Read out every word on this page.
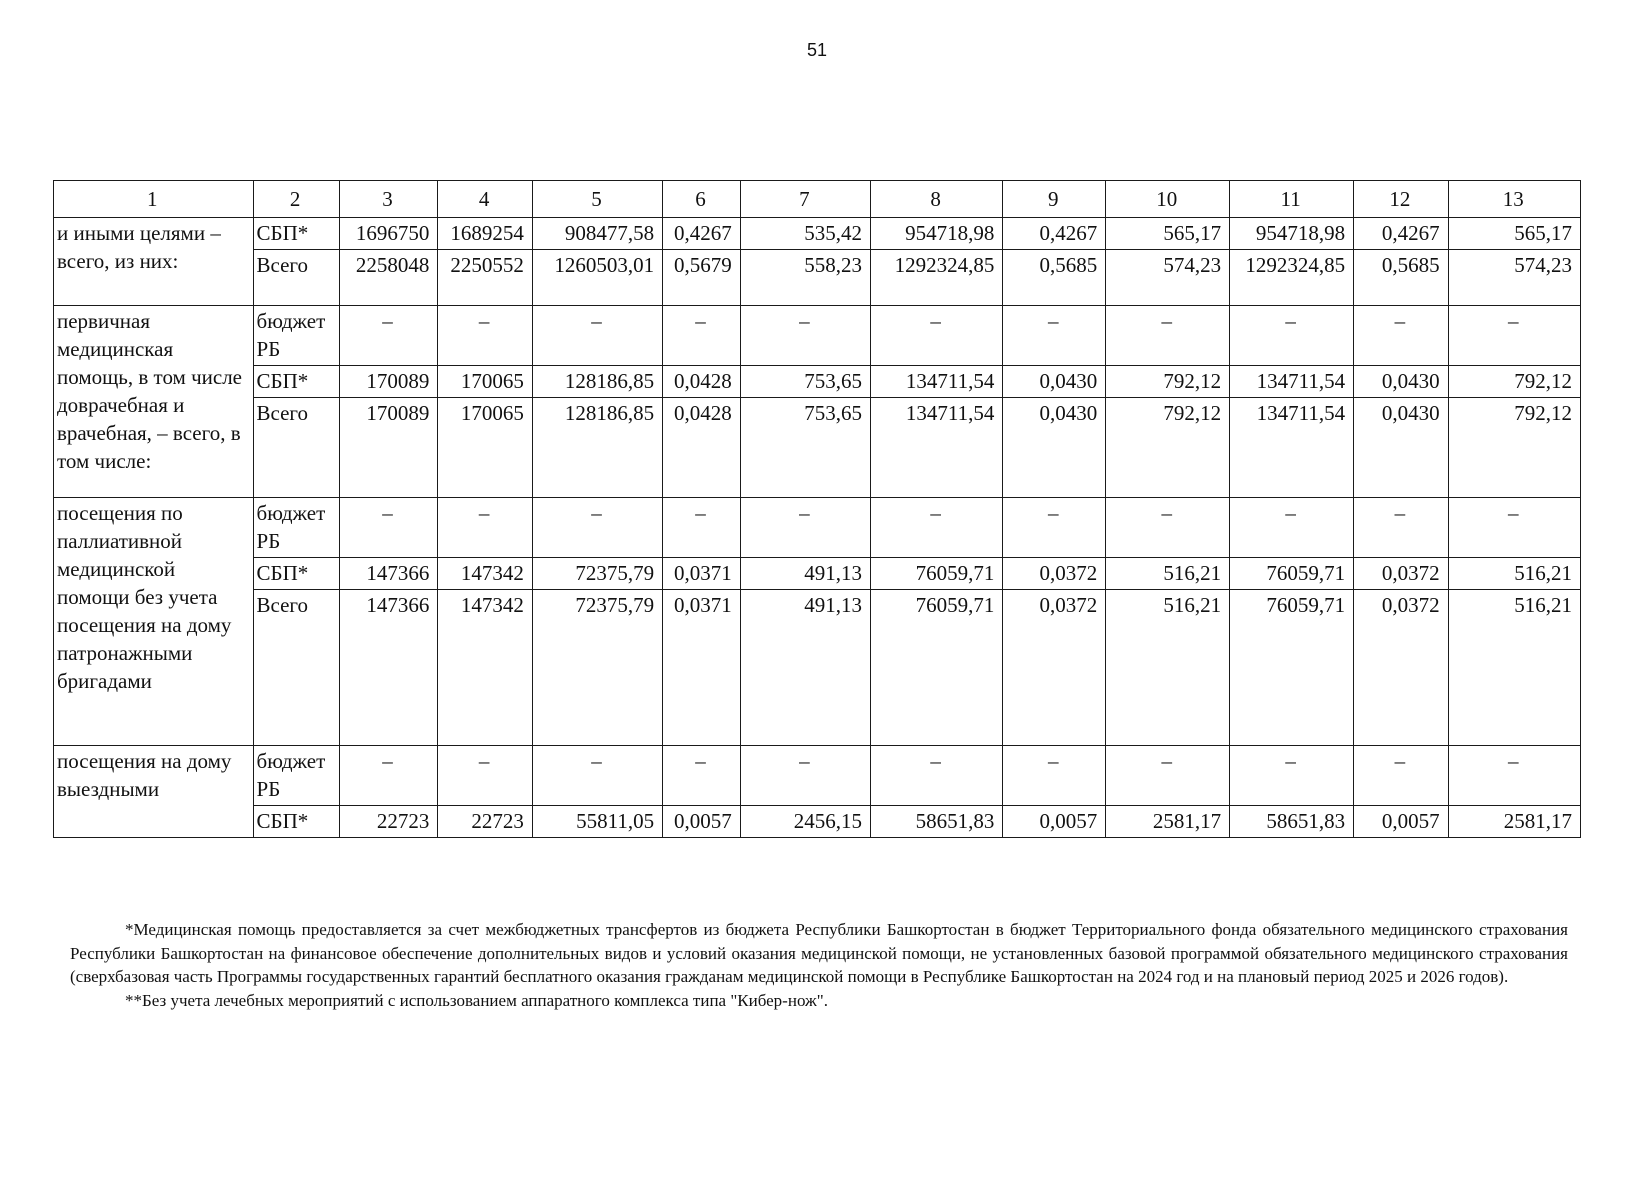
51
1	2	3	4	5	6	7	8	9	10	11	12	13
и иными целями – всего, из них:	СБП*	1696750	1689254	908477,58	0,4267	535,42	954718,98	0,4267	565,17	954718,98	0,4267	565,17
	Всего	2258048	2250552	1260503,01	0,5679	558,23	1292324,85	0,5685	574,23	1292324,85	0,5685	574,23
первичная медицинская помощь, в том числе доврачебная и врачебная, – всего, в том числе:	бюджет РБ	–	–	–	–	–	–	–	–	–	–	–
	СБП*	170089	170065	128186,85	0,0428	753,65	134711,54	0,0430	792,12	134711,54	0,0430	792,12
	Всего	170089	170065	128186,85	0,0428	753,65	134711,54	0,0430	792,12	134711,54	0,0430	792,12
посещения по паллиативной медицинской помощи без учета посещения на дому патронажными бригадами	бюджет РБ	–	–	–	–	–	–	–	–	–	–	–
	СБП*	147366	147342	72375,79	0,0371	491,13	76059,71	0,0372	516,21	76059,71	0,0372	516,21
	Всего	147366	147342	72375,79	0,0371	491,13	76059,71	0,0372	516,21	76059,71	0,0372	516,21
посещения на дому выездными	бюджет РБ	–	–	–	–	–	–	–	–	–	–	–
	СБП*	22723	22723	55811,05	0,0057	2456,15	58651,83	0,0057	2581,17	58651,83	0,0057	2581,17

*Медицинская помощь предоставляется за счет межбюджетных трансфертов из бюджета Республики Башкортостан в бюджет Территориального фонда обязательного медицинского страхования Республики Башкортостан на финансовое обеспечение дополнительных видов и условий оказания медицинской помощи, не установленных базовой программой обязательного медицинского страхования (сверхбазовая часть Программы государственных гарантий бесплатного оказания гражданам медицинской помощи в Республике Башкортостан на 2024 год и на плановый период 2025 и 2026 годов).

**Без учета лечебных мероприятий с использованием аппаратного комплекса типа "Кибер-нож".
